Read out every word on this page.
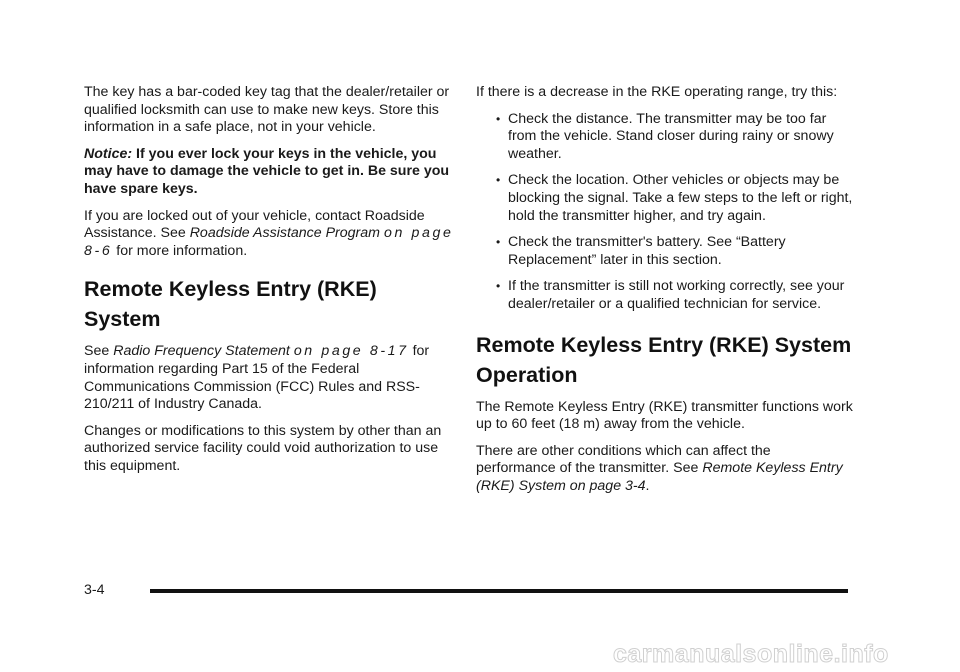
The key has a bar-coded key tag that the dealer/retailer or qualified locksmith can use to make new keys. Store this information in a safe place, not in your vehicle.

Notice: If you ever lock your keys in the vehicle, you may have to damage the vehicle to get in. Be sure you have spare keys.

If you are locked out of your vehicle, contact Roadside Assistance. See Roadside Assistance Program on page 8-6 for more information.

Remote Keyless Entry (RKE) System

See Radio Frequency Statement on page 8-17 for information regarding Part 15 of the Federal Communications Commission (FCC) Rules and RSS-210/211 of Industry Canada.

Changes or modifications to this system by other than an authorized service facility could void authorization to use this equipment.

If there is a decrease in the RKE operating range, try this:

• Check the distance. The transmitter may be too far from the vehicle. Stand closer during rainy or snowy weather.
• Check the location. Other vehicles or objects may be blocking the signal. Take a few steps to the left or right, hold the transmitter higher, and try again.
• Check the transmitter's battery. See “Battery Replacement” later in this section.
• If the transmitter is still not working correctly, see your dealer/retailer or a qualified technician for service.
Remote Keyless Entry (RKE) System Operation

The Remote Keyless Entry (RKE) transmitter functions work up to 60 feet (18 m) away from the vehicle.

There are other conditions which can affect the performance of the transmitter. See Remote Keyless Entry (RKE) System on page 3-4.

3-4
carmanualsonline.info
